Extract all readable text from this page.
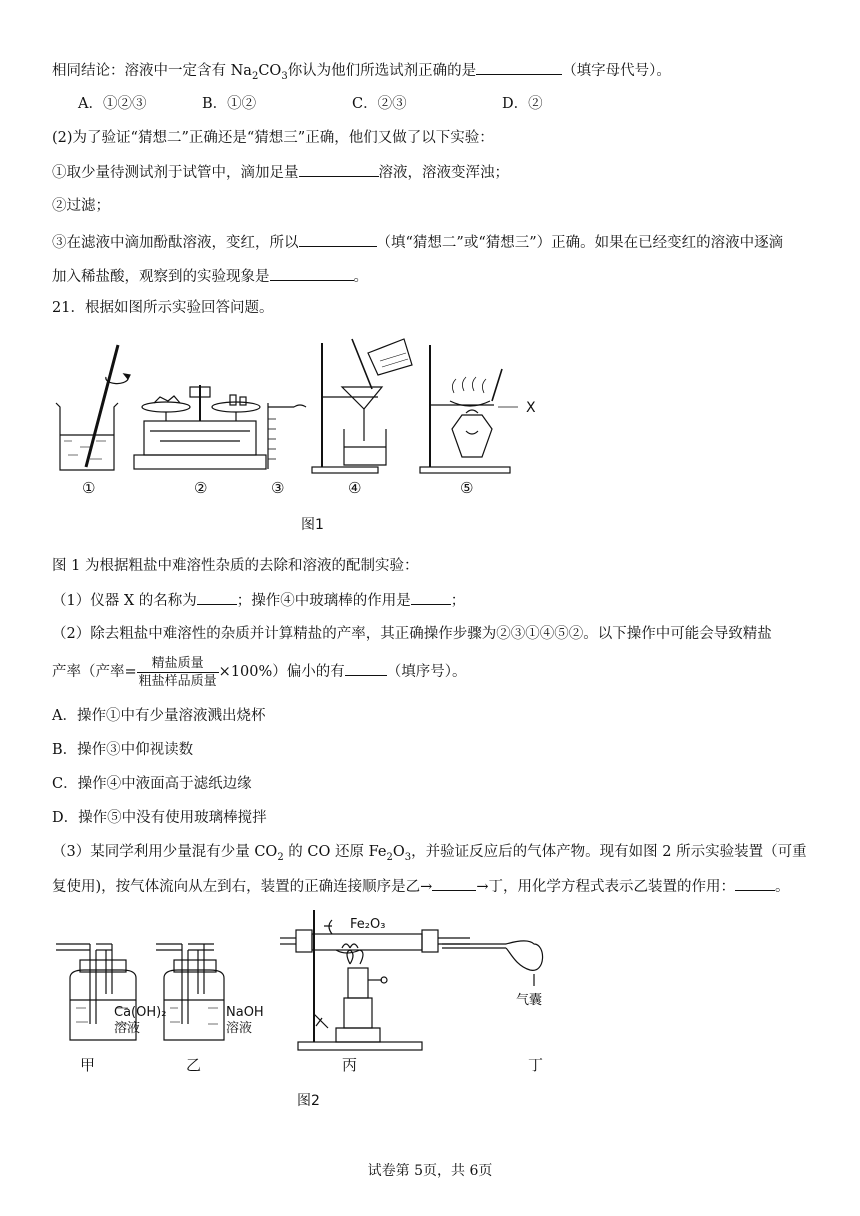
相同结论：溶液中一定含有 $Na_2CO_3$你认为他们所选试剂正确的是	（填字母代号）。
A．①②③	B．①②	C．②③	D．②
(2)为了验证“猜想二”正确还是“猜想三”正确，他们又做了以下实验：
①取少量待测试剂于试管中，滴加足量	溶液，溶液变浑浊；
②过滤；
③在滤液中滴加酚酞溶液，变红，所以	（填“猜想二”或“猜想三”）正确。如果在已经变红的溶液中逐滴
加入稀盐酸，观察到的实验现象是	。
21．根据如图所示实验回答问题。
X
①	②	③	④	⑤
图1
图 1 为根据粗盐中难溶性杂质的去除和溶液的配制实验：
（1）仪器 X 的名称为	；操作④中玻璃棒的作用是	；
（2）除去粗盐中难溶性的杂质并计算精盐的产率，其正确操作步骤为②③①④⑤②。以下操作中可能会导致精盐
产率（产率= $\frac{\text{精盐质量}}{\text{粗盐样品质量}} \times 100\%$）偏小的有	（填序号）。
A．操作①中有少量溶液溅出烧杯
B．操作③中仰视读数
C．操作④中液面高于滤纸边缘
D．操作⑤中没有使用玻璃棒搅拌
（3）某同学利用少量混有少量 $CO_2$ 的 CO 还原 $Fe_2O_3$，并验证反应后的气体产物。现有如图 2 所示实验装置（可重
复使用)，按气体流向从左到右，装置的正确连接顺序是乙→	→丁，用化学方程式表示乙装置的作用：	。
Ca(OH)₂
溶液
NaOH
溶液
Fe₂O₃
气囊
甲	乙	丙	丁
图2
试卷第 5页，共 6页
